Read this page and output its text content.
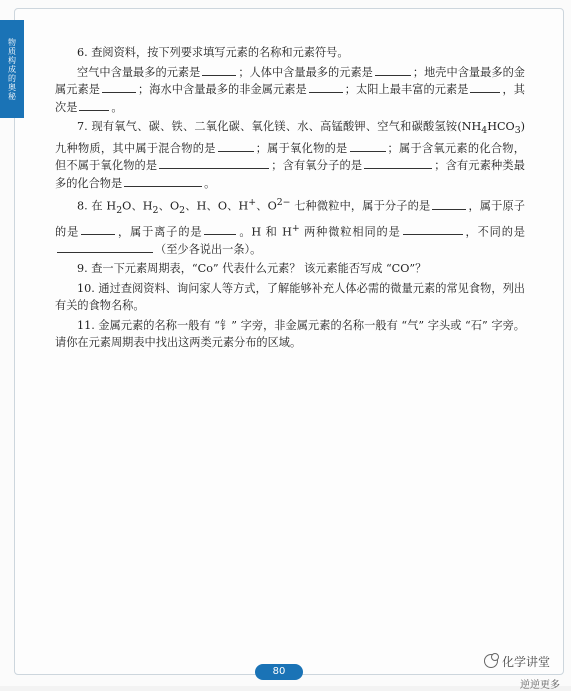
物质构成的奥秘	6. 查阅资料，按下列要求填写元素的名称和元素符号。

空气中含量最多的元素是	；人体中含量最多的元素是	；地壳中含量最多的金属元素是	；海水中含量最多的非金属元素是	；太阳上最丰富的元素是	，其次是	。

7. 现有氧气、碳、铁、二氧化碳、氧化镁、水、高锰酸钾、空气和碳酸氢铵$(NH_4HCO_3)$九种物质，其中属于混合物的是	；属于氧化物的是	；属于含氧元素的化合物，但不属于氧化物的是	；含有氧分子的是	；含有元素种类最多的化合物是	。

8. 在 $H_2O$、$H_2$、$O_2$、H、O、H+、$O^{2-}$ 七种微粒中，属于分子的是	，属于原子的是	，属于离子的是	。H 和 H+ 两种微粒相同的是	，不同的是（至少各说出一条）。

9. 查一下元素周期表，“Co” 代表什么元素？ 该元素能否写成 “CO”？

10. 通过查阅资料、询问家人等方式，了解能够补充人体必需的微量元素的常见食物，列出有关的食物名称。

11. 金属元素的名称一般有 “钅” 字旁，非金属元素的名称一般有 “气” 字头或 “石” 字旁。请你在元素周期表中找出这两类元素分布的区域。

化学讲堂
80
逆逆更多
